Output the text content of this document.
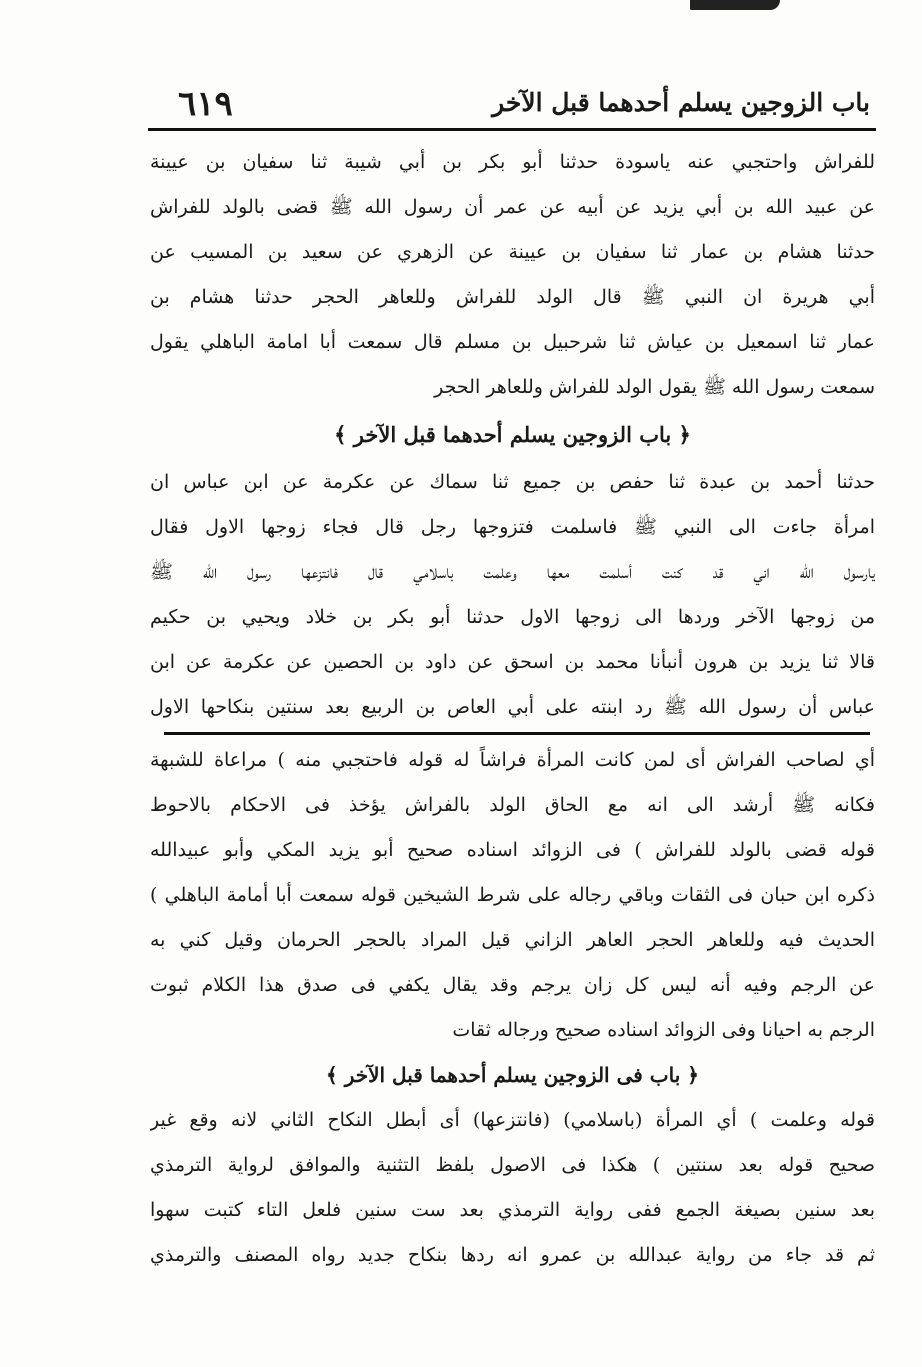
باب الزوجين يسلم أحدهما قبل الآخر
٦١٩
للفراش واحتجبي عنه ياسودة حدثنا أبو بكر بن أبي شيبة ثنا سفيان بن عيينة
عن عبيد الله بن أبي يزيد عن أبيه عن عمر أن رسول الله ﷺ قضى بالولد للفراش
حدثنا هشام بن عمار ثنا سفيان بن عيينة عن الزهري عن سعيد بن المسيب عن
أبي هريرة ان النبي ﷺ قال الولد للفراش وللعاهر الحجر حدثنا هشام بن
عمار ثنا اسمعيل بن عياش ثنا شرحبيل بن مسلم قال سمعت أبا امامة الباهلي يقول
سمعت رسول الله ﷺ يقول الولد للفراش وللعاهر الحجر
﴿ باب الزوجين يسلم أحدهما قبل الآخر ﴾
حدثنا أحمد بن عبدة ثنا حفص بن جميع ثنا سماك عن عكرمة عن ابن عباس ان
امرأة جاءت الى النبي ﷺ فاسلمت فتزوجها رجل قال فجاء زوجها الاول فقال
يارسول الله اني قد كنت أسلمت معها وعلمت باسلامي قال فانتزعها رسول الله ﷺ
من زوجها الآخر وردها الى زوجها الاول حدثنا أبو بكر بن خلاد ويحيي بن حكيم
قالا ثنا يزيد بن هرون أنبأنا محمد بن اسحق عن داود بن الحصين عن عكرمة عن ابن
عباس أن رسول الله ﷺ رد ابنته على أبي العاص بن الربيع بعد سنتين بنكاحها الاول
أي لصاحب الفراش أى لمن كانت المرأة فراشاً له قوله فاحتجبي منه ) مراعاة للشبهة
فكانه ﷺ أرشد الى انه مع الحاق الولد بالفراش يؤخذ فى الاحكام بالاحوط
قوله قضى بالولد للفراش ) فى الزوائد اسناده صحيح أبو يزيد المكي وأبو عبيدالله
ذكره ابن حبان فى الثقات وباقي رجاله على شرط الشيخين قوله سمعت أبا أمامة الباهلي )
الحديث فيه وللعاهر الحجر العاهر الزاني قيل المراد بالحجر الحرمان وقيل كني به
عن الرجم وفيه أنه ليس كل زان يرجم وقد يقال يكفي فى صدق هذا الكلام ثبوت
الرجم به احيانا وفى الزوائد اسناده صحيح ورجاله ثقات
﴿ باب فى الزوجين يسلم أحدهما قبل الآخر ﴾
قوله وعلمت ) أي المرأة (باسلامي) (فانتزعها) أى أبطل النكاح الثاني لانه وقع غير
صحيح قوله بعد سنتين ) هكذا فى الاصول بلفظ التثنية والموافق لرواية الترمذي
بعد سنين بصيغة الجمع ففى رواية الترمذي بعد ست سنين فلعل التاء كتبت سهوا
ثم قد جاء من رواية عبدالله بن عمرو انه ردها بنكاح جديد رواه المصنف والترمذي
